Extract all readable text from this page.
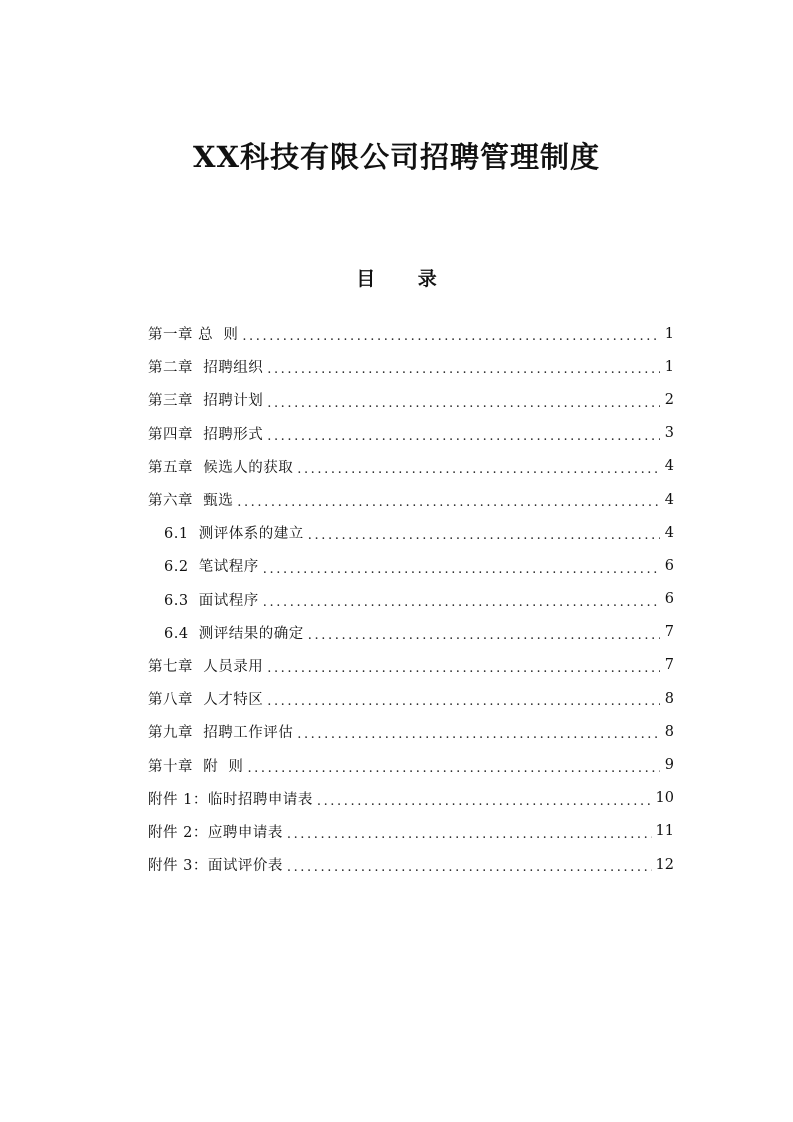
XX科技有限公司招聘管理制度
目 录
第一章 总  则 .....	1
第二章  招聘组织 .....	1
第三章  招聘计划 .....	2
第四章  招聘形式 .....	3
第五章  候选人的获取 .....	4
第六章  甄选 .....	4
6.1  测评体系的建立 .....	4
6.2  笔试程序 .....	6
6.3  面试程序 .....	6
6.4  测评结果的确定 .....	7
第七章  人员录用 .....	7
第八章  人才特区 .....	8
第九章  招聘工作评估 .....	8
第十章  附  则 .....	9
附件 1：临时招聘申请表 .....	10
附件 2：应聘申请表 .....	11
附件 3：面试评价表 .....	12
